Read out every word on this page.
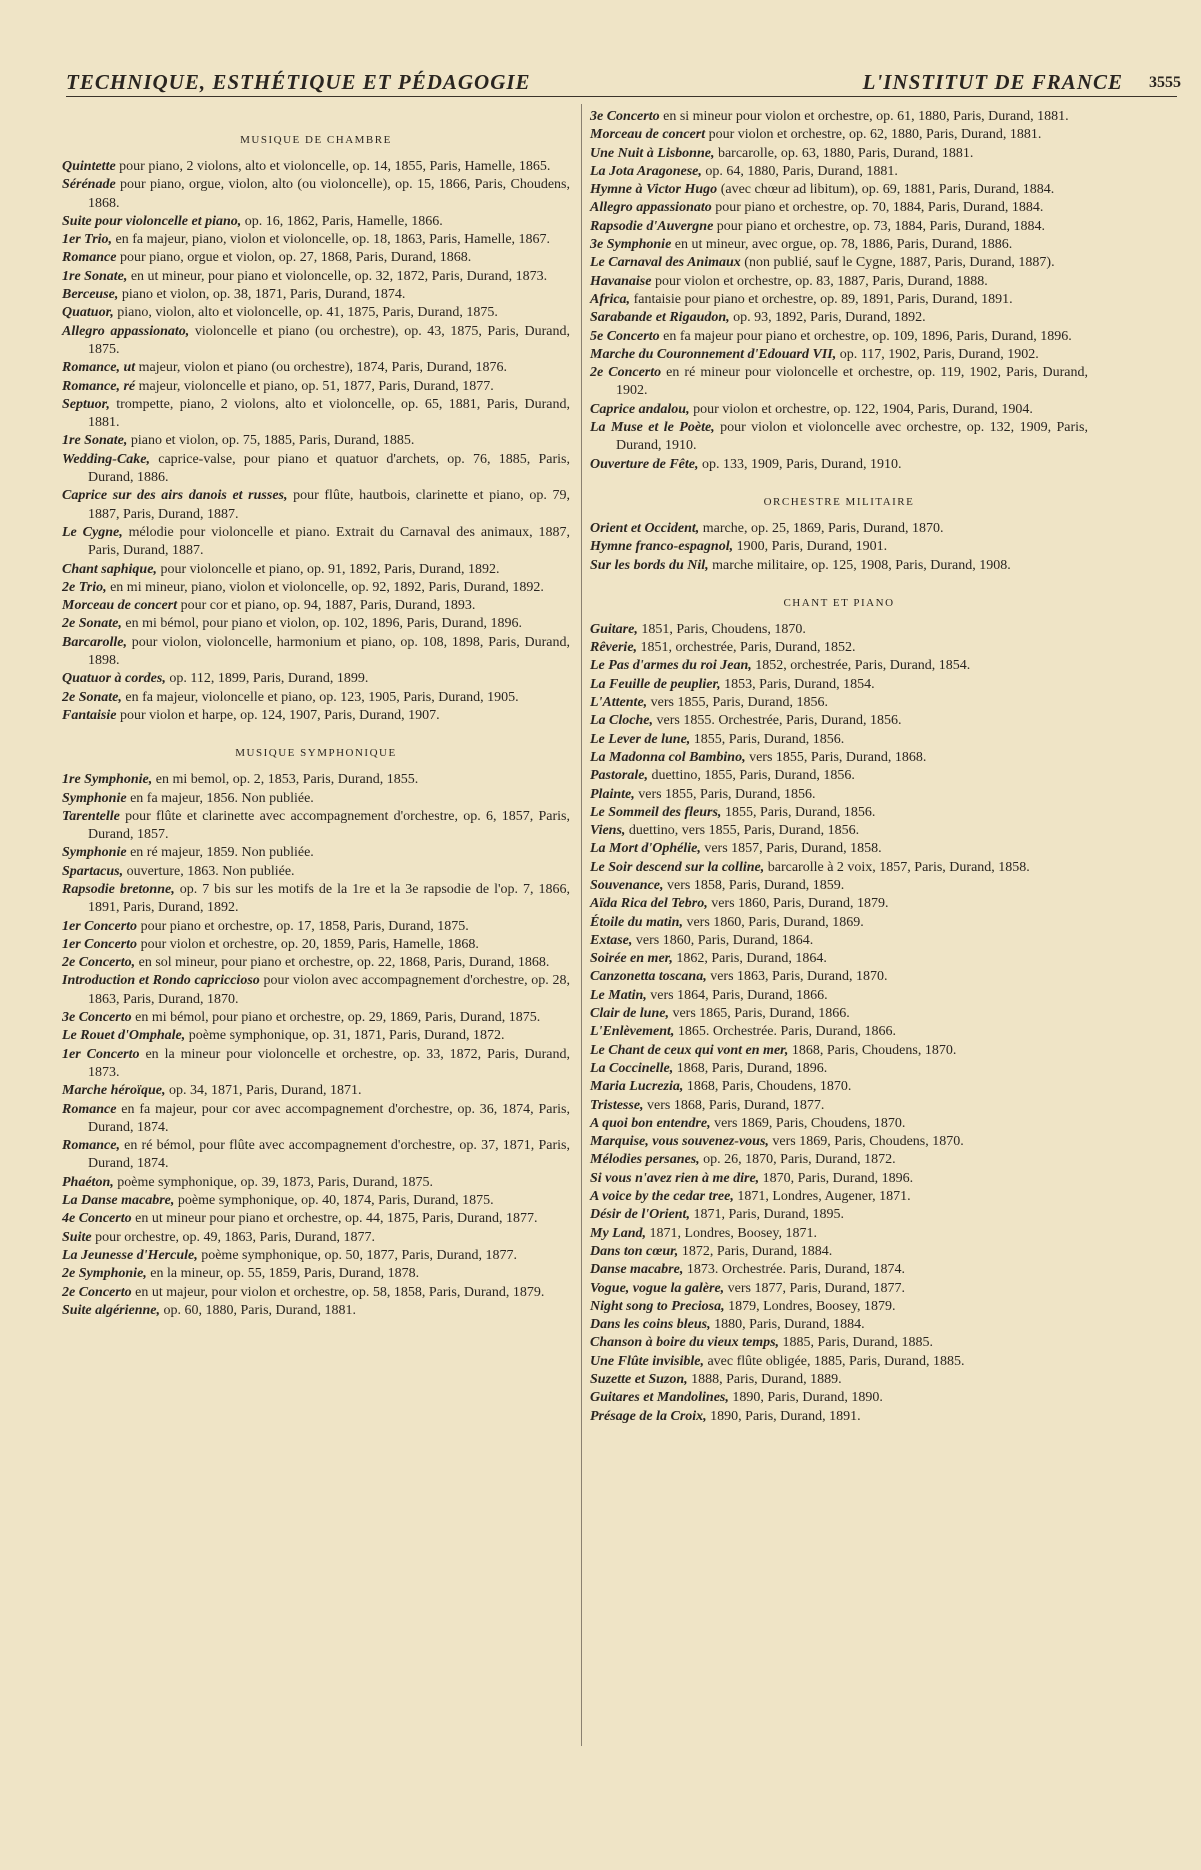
TECHNIQUE, ESTHÉTIQUE ET PÉDAGOGIE	L'INSTITUT DE FRANCE 3555
MUSIQUE DE CHAMBRE
Quintette pour piano, 2 violons, alto et violoncelle, op. 14, 1855, Paris, Hamelle, 1865.
Sérénade pour piano, orgue, violon, alto (ou violoncelle), op. 15, 1866, Paris, Choudens, 1868.
Suite pour violoncelle et piano, op. 16, 1862, Paris, Hamelle, 1866.
1er Trio, en fa majeur, piano, violon et violoncelle, op. 18, 1863, Paris, Hamelle, 1867.
Romance pour piano, orgue et violon, op. 27, 1868, Paris, Durand, 1868.
1re Sonate, en ut mineur, pour piano et violoncelle, op. 32, 1872, Paris, Durand, 1873.
Berceuse, piano et violon, op. 38, 1871, Paris, Durand, 1874.
Quatuor, piano, violon, alto et violoncelle, op. 41, 1875, Paris, Durand, 1875.
Allegro appassionato, violoncelle et piano (ou orchestre), op. 43, 1875, Paris, Durand, 1875.
Romance, ut majeur, violon et piano (ou orchestre), 1874, Paris, Durand, 1876.
Romance, ré majeur, violoncelle et piano, op. 51, 1877, Paris, Durand, 1877.
Septuor, trompette, piano, 2 violons, alto et violoncelle, op. 65, 1881, Paris, Durand, 1881.
1re Sonate, piano et violon, op. 75, 1885, Paris, Durand, 1885.
Wedding-Cake, caprice-valse, pour piano et quatuor d'archets, op. 76, 1885, Paris, Durand, 1886.
Caprice sur des airs danois et russes, pour flûte, hautbois, clarinette et piano, op. 79, 1887, Paris, Durand, 1887.
Le Cygne, mélodie pour violoncelle et piano. Extrait du Carnaval des animaux, 1887, Paris, Durand, 1887.
Chant saphique, pour violoncelle et piano, op. 91, 1892, Paris, Durand, 1892.
2e Trio, en mi mineur, piano, violon et violoncelle, op. 92, 1892, Paris, Durand, 1892.
Morceau de concert pour cor et piano, op. 94, 1887, Paris, Durand, 1893.
2e Sonate, en mi bémol, pour piano et violon, op. 102, 1896, Paris, Durand, 1896.
Barcarolle, pour violon, violoncelle, harmonium et piano, op. 108, 1898, Paris, Durand, 1898.
Quatuor à cordes, op. 112, 1899, Paris, Durand, 1899.
2e Sonate, en fa majeur, violoncelle et piano, op. 123, 1905, Paris, Durand, 1905.
Fantaisie pour violon et harpe, op. 124, 1907, Paris, Durand, 1907.
MUSIQUE SYMPHONIQUE
1re Symphonie, en mi bemol, op. 2, 1853, Paris, Durand, 1855.
Symphonie en fa majeur, 1856. Non publiée.
Tarentelle pour flûte et clarinette avec accompagnement d'orchestre, op. 6, 1857, Paris, Durand, 1857.
Symphonie en ré majeur, 1859. Non publiée.
Spartacus, ouverture, 1863. Non publiée.
Rapsodie bretonne, op. 7 bis sur les motifs de la 1re et la 3e rapsodie de l'op. 7, 1866, 1891, Paris, Durand, 1892.
1er Concerto pour piano et orchestre, op. 17, 1858, Paris, Durand, 1875.
1er Concerto pour violon et orchestre, op. 20, 1859, Paris, Hamelle, 1868.
2e Concerto, en sol mineur, pour piano et orchestre, op. 22, 1868, Paris, Durand, 1868.
Introduction et Rondo capriccioso pour violon avec accompagnement d'orchestre, op. 28, 1863, Paris, Durand, 1870.
3e Concerto en mi bémol, pour piano et orchestre, op. 29, 1869, Paris, Durand, 1875.
Le Rouet d'Omphale, poème symphonique, op. 31, 1871, Paris, Durand, 1872.
1er Concerto en la mineur pour violoncelle et orchestre, op. 33, 1872, Paris, Durand, 1873.
Marche héroïque, op. 34, 1871, Paris, Durand, 1871.
Romance en fa majeur, pour cor avec accompagnement d'orchestre, op. 36, 1874, Paris, Durand, 1874.
Romance, en ré bémol, pour flûte avec accompagnement d'orchestre, op. 37, 1871, Paris, Durand, 1874.
Phaéton, poème symphonique, op. 39, 1873, Paris, Durand, 1875.
La Danse macabre, poème symphonique, op. 40, 1874, Paris, Durand, 1875.
4e Concerto en ut mineur pour piano et orchestre, op. 44, 1875, Paris, Durand, 1877.
Suite pour orchestre, op. 49, 1863, Paris, Durand, 1877.
La Jeunesse d'Hercule, poème symphonique, op. 50, 1877, Paris, Durand, 1877.
2e Symphonie, en la mineur, op. 55, 1859, Paris, Durand, 1878.
2e Concerto en ut majeur, pour violon et orchestre, op. 58, 1858, Paris, Durand, 1879.
Suite algérienne, op. 60, 1880, Paris, Durand, 1881.
3e Concerto en si mineur pour violon et orchestre, op. 61, 1880, Paris, Durand, 1881.
Morceau de concert pour violon et orchestre, op. 62, 1880, Paris, Durand, 1881.
Une Nuit à Lisbonne, barcarolle, op. 63, 1880, Paris, Durand, 1881.
La Jota Aragonese, op. 64, 1880, Paris, Durand, 1881.
Hymne à Victor Hugo (avec chœur ad libitum), op. 69, 1881, Paris, Durand, 1884.
Allegro appassionato pour piano et orchestre, op. 70, 1884, Paris, Durand, 1884.
Rapsodie d'Auvergne pour piano et orchestre, op. 73, 1884, Paris, Durand, 1884.
3e Symphonie en ut mineur, avec orgue, op. 78, 1886, Paris, Durand, 1886.
Le Carnaval des Animaux (non publié, sauf le Cygne, 1887, Paris, Durand, 1887).
Havanaise pour violon et orchestre, op. 83, 1887, Paris, Durand, 1888.
Africa, fantaisie pour piano et orchestre, op. 89, 1891, Paris, Durand, 1891.
Sarabande et Rigaudon, op. 93, 1892, Paris, Durand, 1892.
5e Concerto en fa majeur pour piano et orchestre, op. 109, 1896, Paris, Durand, 1896.
Marche du Couronnement d'Edouard VII, op. 117, 1902, Paris, Durand, 1902.
2e Concerto en ré mineur pour violoncelle et orchestre, op. 119, 1902, Paris, Durand, 1902.
Caprice andalou, pour violon et orchestre, op. 122, 1904, Paris, Durand, 1904.
La Muse et le Poète, pour violon et violoncelle avec orchestre, op. 132, 1909, Paris, Durand, 1910.
Ouverture de Fête, op. 133, 1909, Paris, Durand, 1910.
ORCHESTRE MILITAIRE
Orient et Occident, marche, op. 25, 1869, Paris, Durand, 1870.
Hymne franco-espagnol, 1900, Paris, Durand, 1901.
Sur les bords du Nil, marche militaire, op. 125, 1908, Paris, Durand, 1908.
CHANT ET PIANO
Guitare, 1851, Paris, Choudens, 1870.
Rêverie, 1851, orchestrée, Paris, Durand, 1852.
Le Pas d'armes du roi Jean, 1852, orchestrée, Paris, Durand, 1854.
La Feuille de peuplier, 1853, Paris, Durand, 1854.
L'Attente, vers 1855, Paris, Durand, 1856.
La Cloche, vers 1855. Orchestrée, Paris, Durand, 1856.
Le Lever de lune, 1855, Paris, Durand, 1856.
La Madonna col Bambino, vers 1855, Paris, Durand, 1868.
Pastorale, duettino, 1855, Paris, Durand, 1856.
Plainte, vers 1855, Paris, Durand, 1856.
Le Sommeil des fleurs, 1855, Paris, Durand, 1856.
Viens, duettino, vers 1855, Paris, Durand, 1856.
La Mort d'Ophélie, vers 1857, Paris, Durand, 1858.
Le Soir descend sur la colline, barcarolle à 2 voix, 1857, Paris, Durand, 1858.
Souvenance, vers 1858, Paris, Durand, 1859.
Aïda Rica del Tebro, vers 1860, Paris, Durand, 1879.
Étoile du matin, vers 1860, Paris, Durand, 1869.
Extase, vers 1860, Paris, Durand, 1864.
Soirée en mer, 1862, Paris, Durand, 1864.
Canzonetta toscana, vers 1863, Paris, Durand, 1870.
Le Matin, vers 1864, Paris, Durand, 1866.
Clair de lune, vers 1865, Paris, Durand, 1866.
L'Enlèvement, 1865. Orchestrée. Paris, Durand, 1866.
Le Chant de ceux qui vont en mer, 1868, Paris, Choudens, 1870.
La Coccinelle, 1868, Paris, Durand, 1896.
Maria Lucrezia, 1868, Paris, Choudens, 1870.
Tristesse, vers 1868, Paris, Durand, 1877.
A quoi bon entendre, vers 1869, Paris, Choudens, 1870.
Marquise, vous souvenez-vous, vers 1869, Paris, Choudens, 1870.
Mélodies persanes, op. 26, 1870, Paris, Durand, 1872.
Si vous n'avez rien à me dire, 1870, Paris, Durand, 1896.
A voice by the cedar tree, 1871, Londres, Augener, 1871.
Désir de l'Orient, 1871, Paris, Durand, 1895.
My Land, 1871, Londres, Boosey, 1871.
Dans ton cœur, 1872, Paris, Durand, 1884.
Danse macabre, 1873. Orchestrée. Paris, Durand, 1874.
Vogue, vogue la galère, vers 1877, Paris, Durand, 1877.
Night song to Preciosa, 1879, Londres, Boosey, 1879.
Dans les coins bleus, 1880, Paris, Durand, 1884.
Chanson à boire du vieux temps, 1885, Paris, Durand, 1885.
Une Flûte invisible, avec flûte obligée, 1885, Paris, Durand, 1885.
Suzette et Suzon, 1888, Paris, Durand, 1889.
Guitares et Mandolines, 1890, Paris, Durand, 1890.
Présage de la Croix, 1890, Paris, Durand, 1891.
